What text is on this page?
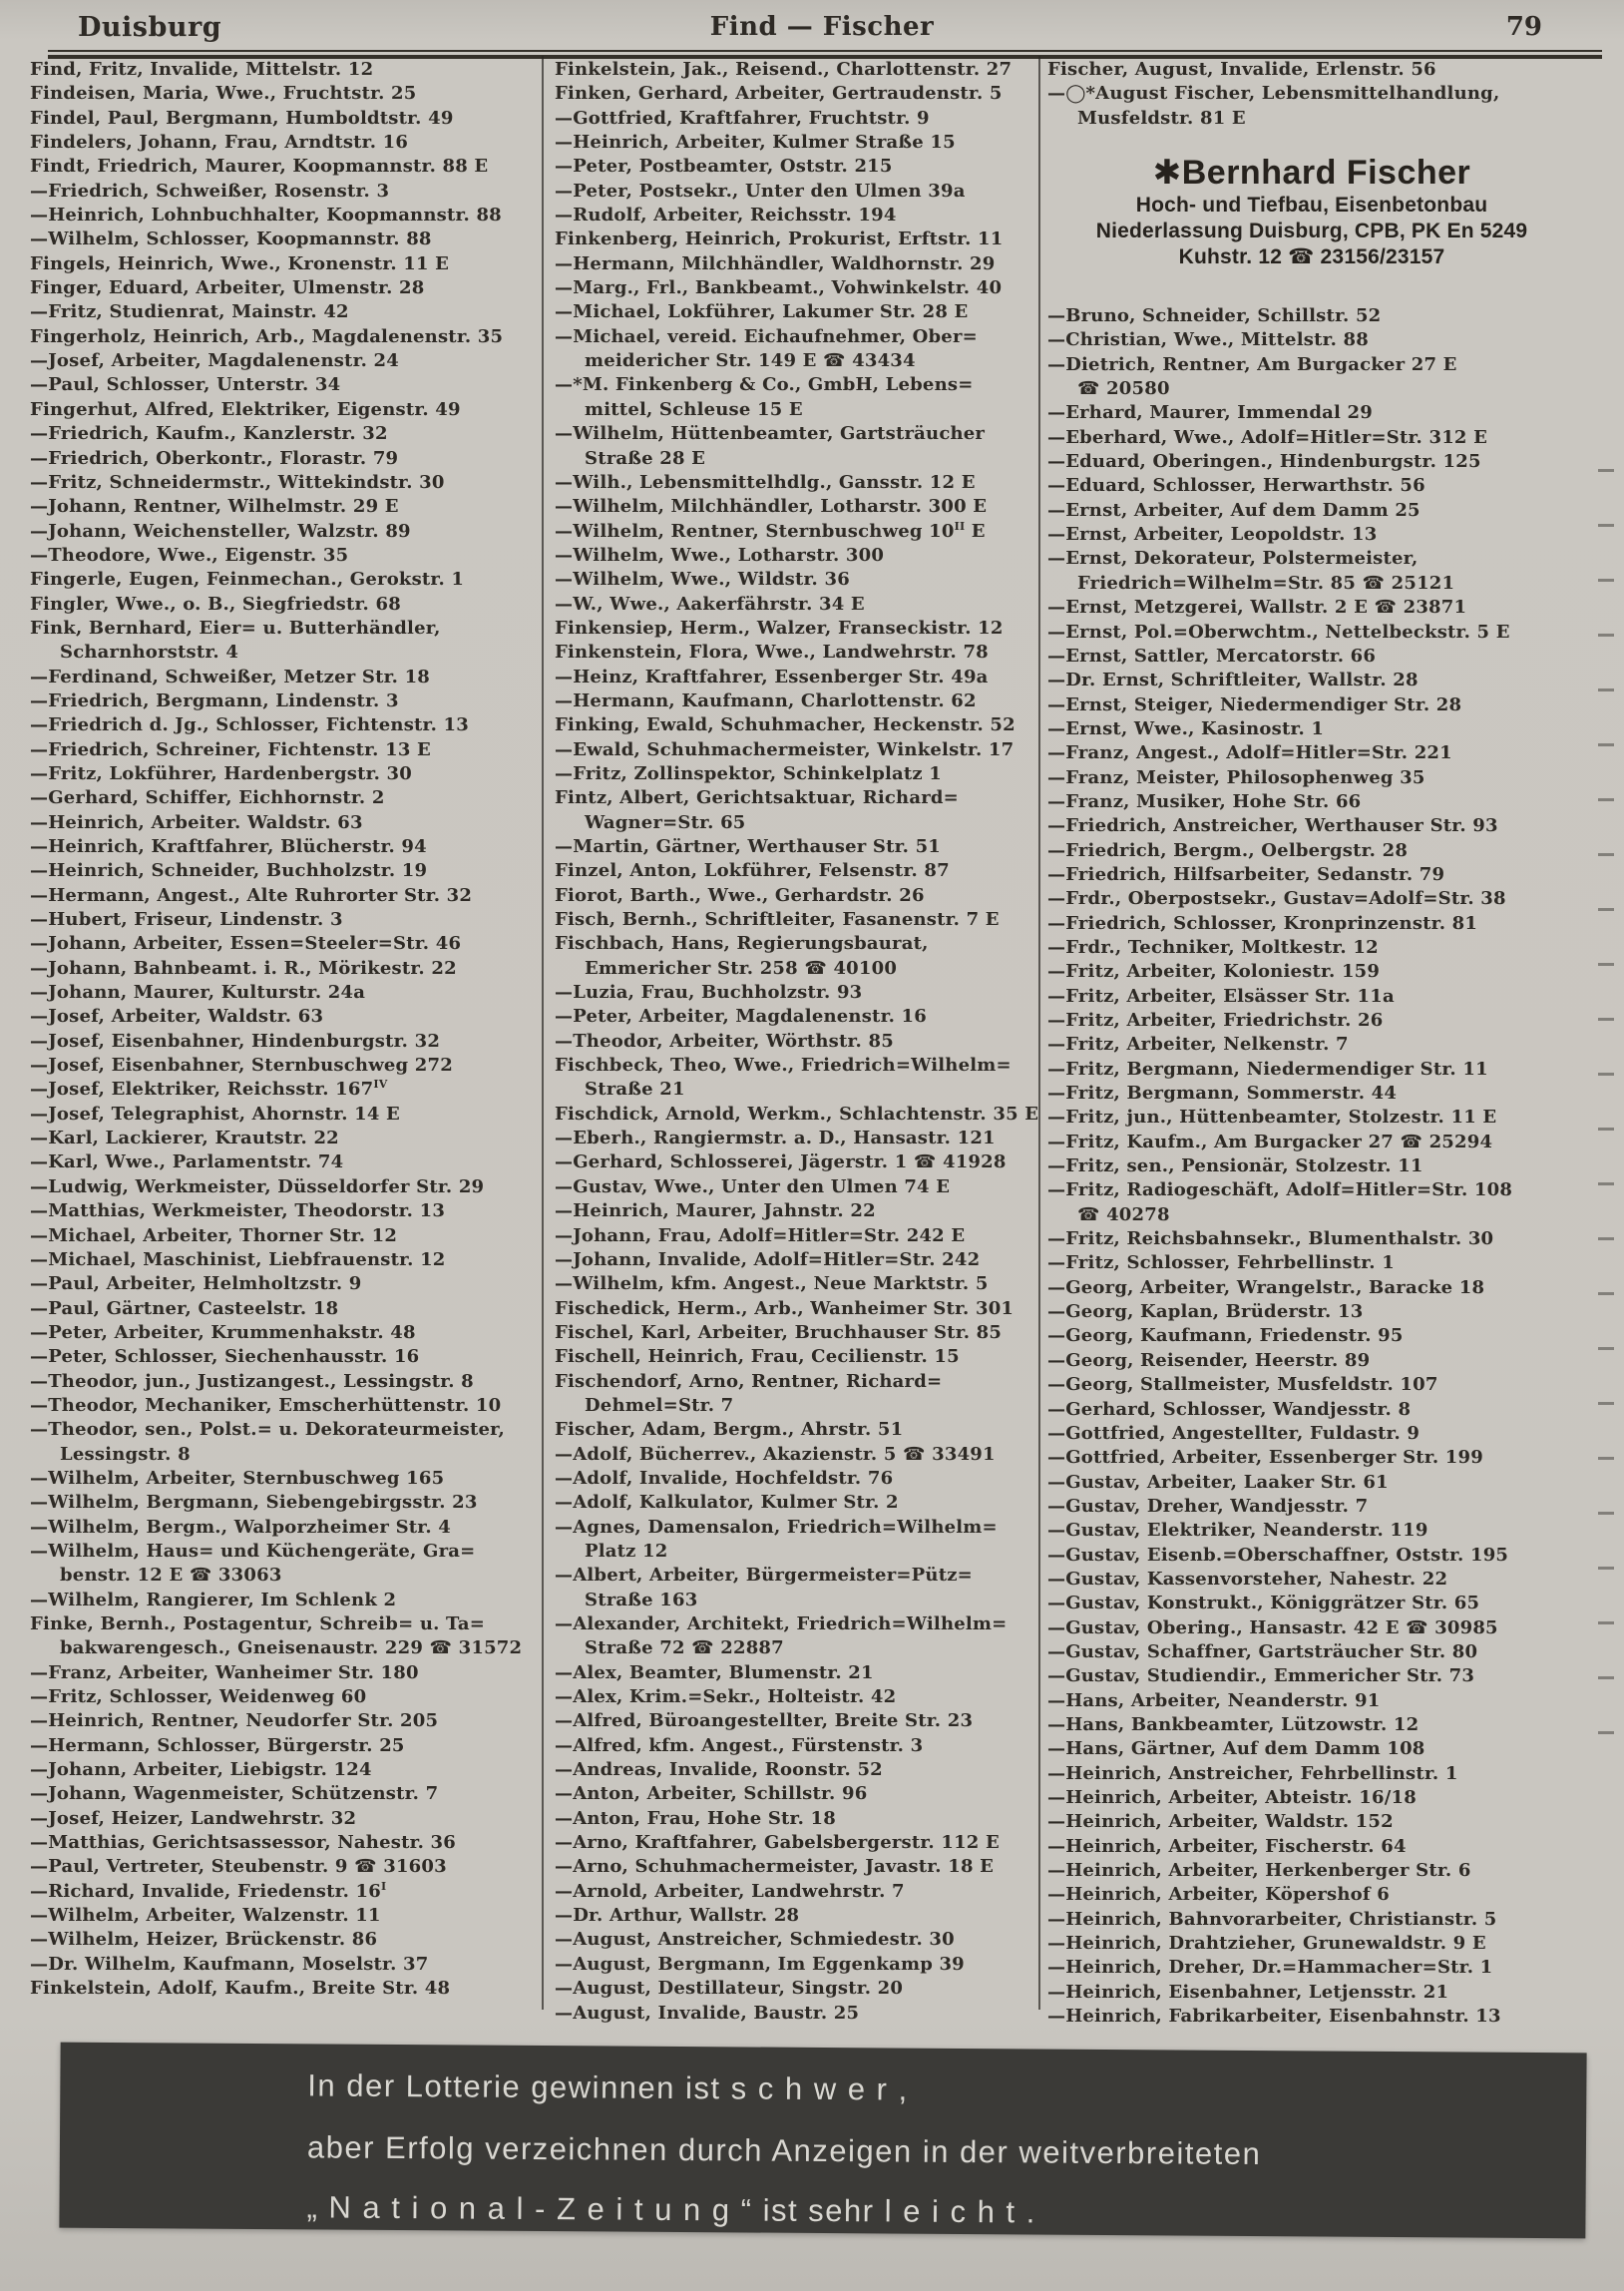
Duisburg	Find — Fischer	79
Find, Fritz, Invalide, Mittelstr. 12
Findeisen, Maria, Wwe., Fruchtstr. 25
Findel, Paul, Bergmann, Humboldtstr. 49
Findelers, Johann, Frau, Arndtstr. 16
Findt, Friedrich, Maurer, Koopmannstr. 88 E
—Friedrich, Schweißer, Rosenstr. 3
—Heinrich, Lohnbuchhalter, Koopmannstr. 88
—Wilhelm, Schlosser, Koopmannstr. 88
Fingels, Heinrich, Wwe., Kronenstr. 11 E
Finger, Eduard, Arbeiter, Ulmenstr. 28
—Fritz, Studienrat, Mainstr. 42
Fingerholz, Heinrich, Arb., Magdalenenstr. 35
—Josef, Arbeiter, Magdalenenstr. 24
—Paul, Schlosser, Unterstr. 34
Fingerhut, Alfred, Elektriker, Eigenstr. 49
—Friedrich, Kaufm., Kanzlerstr. 32
—Friedrich, Oberkontr., Florastr. 79
—Fritz, Schneidermstr., Wittekindstr. 30
—Johann, Rentner, Wilhelmstr. 29 E
—Johann, Weichensteller, Walzstr. 89
—Theodore, Wwe., Eigenstr. 35
Fingerle, Eugen, Feinmechan., Gerokstr. 1
Fingler, Wwe., o. B., Siegfriedstr. 68
Fink, Bernhard, Eier= u. Butterhändler,
Scharnhorststr. 4
—Ferdinand, Schweißer, Metzer Str. 18
—Friedrich, Bergmann, Lindenstr. 3
—Friedrich d. Jg., Schlosser, Fichtenstr. 13
—Friedrich, Schreiner, Fichtenstr. 13 E
—Fritz, Lokführer, Hardenbergstr. 30
—Gerhard, Schiffer, Eichhornstr. 2
—Heinrich, Arbeiter. Waldstr. 63
—Heinrich, Kraftfahrer, Blücherstr. 94
—Heinrich, Schneider, Buchholzstr. 19
—Hermann, Angest., Alte Ruhrorter Str. 32
—Hubert, Friseur, Lindenstr. 3
—Johann, Arbeiter, Essen=Steeler=Str. 46
—Johann, Bahnbeamt. i. R., Mörikestr. 22
—Johann, Maurer, Kulturstr. 24a
—Josef, Arbeiter, Waldstr. 63
—Josef, Eisenbahner, Hindenburgstr. 32
—Josef, Eisenbahner, Sternbuschweg 272
—Josef, Elektriker, Reichsstr. $167^{IV}$
—Josef, Telegraphist, Ahornstr. 14 E
—Karl, Lackierer, Krautstr. 22
—Karl, Wwe., Parlamentstr. 74
—Ludwig, Werkmeister, Düsseldorfer Str. 29
—Matthias, Werkmeister, Theodorstr. 13
—Michael, Arbeiter, Thorner Str. 12
—Michael, Maschinist, Liebfrauenstr. 12
—Paul, Arbeiter, Helmholtzstr. 9
—Paul, Gärtner, Casteelstr. 18
—Peter, Arbeiter, Krummenhakstr. 48
—Peter, Schlosser, Siechenhausstr. 16
—Theodor, jun., Justizangest., Lessingstr. 8
—Theodor, Mechaniker, Emscherhüttenstr. 10
—Theodor, sen., Polst.= u. Dekorateurmeister,
Lessingstr. 8
—Wilhelm, Arbeiter, Sternbuschweg 165
—Wilhelm, Bergmann, Siebengebirgsstr. 23
—Wilhelm, Bergm., Walporzheimer Str. 4
—Wilhelm, Haus= und Küchengeräte, Gra=
benstr. 12 E ☎ 33063
—Wilhelm, Rangierer, Im Schlenk 2
Finke, Bernh., Postagentur, Schreib= u. Ta=
bakwarengesch., Gneisenaustr. 229 ☎ 31572
—Franz, Arbeiter, Wanheimer Str. 180
—Fritz, Schlosser, Weidenweg 60
—Heinrich, Rentner, Neudorfer Str. 205
—Hermann, Schlosser, Bürgerstr. 25
—Johann, Arbeiter, Liebigstr. 124
—Johann, Wagenmeister, Schützenstr. 7
—Josef, Heizer, Landwehrstr. 32
—Matthias, Gerichtsassessor, Nahestr. 36
—Paul, Vertreter, Steubenstr. 9 ☎ 31603
—Richard, Invalide, Friedenstr. $16^I$
—Wilhelm, Arbeiter, Walzenstr. 11
—Wilhelm, Heizer, Brückenstr. 86
—Dr. Wilhelm, Kaufmann, Moselstr. 37
Finkelstein, Adolf, Kaufm., Breite Str. 48
Finkelstein, Jak., Reisend., Charlottenstr. 27
Finken, Gerhard, Arbeiter, Gertraudenstr. 5
—Gottfried, Kraftfahrer, Fruchtstr. 9
—Heinrich, Arbeiter, Kulmer Straße 15
—Peter, Postbeamter, Oststr. 215
—Peter, Postsekr., Unter den Ulmen 39a
—Rudolf, Arbeiter, Reichsstr. 194
Finkenberg, Heinrich, Prokurist, Erftstr. 11
—Hermann, Milchhändler, Waldhornstr. 29
—Marg., Frl., Bankbeamt., Vohwinkelstr. 40
—Michael, Lokführer, Lakumer Str. 28 E
—Michael, vereid. Eichaufnehmer, Ober=
meidericher Str. 149 E ☎ 43434
—*M. Finkenberg & Co., GmbH, Lebens=
mittel, Schleuse 15 E
—Wilhelm, Hüttenbeamter, Gartsträucher
Straße 28 E
—Wilh., Lebensmittelhdlg., Gansstr. 12 E
—Wilhelm, Milchhändler, Lotharstr. 300 E
—Wilhelm, Rentner, Sternbuschweg $10^{II}$ E
—Wilhelm, Wwe., Lotharstr. 300
—Wilhelm, Wwe., Wildstr. 36
—W., Wwe., Aakerfährstr. 34 E
Finkensiep, Herm., Walzer, Franseckistr. 12
Finkenstein, Flora, Wwe., Landwehrstr. 78
—Heinz, Kraftfahrer, Essenberger Str. 49a
—Hermann, Kaufmann, Charlottenstr. 62
Finking, Ewald, Schuhmacher, Heckenstr. 52
—Ewald, Schuhmachermeister, Winkelstr. 17
—Fritz, Zollinspektor, Schinkelplatz 1
Fintz, Albert, Gerichtsaktuar, Richard=
Wagner=Str. 65
—Martin, Gärtner, Werthauser Str. 51
Finzel, Anton, Lokführer, Felsenstr. 87
Fiorot, Barth., Wwe., Gerhardstr. 26
Fisch, Bernh., Schriftleiter, Fasanenstr. 7 E
Fischbach, Hans, Regierungsbaurat,
Emmericher Str. 258 ☎ 40100
—Luzia, Frau, Buchholzstr. 93
—Peter, Arbeiter, Magdalenenstr. 16
—Theodor, Arbeiter, Wörthstr. 85
Fischbeck, Theo, Wwe., Friedrich=Wilhelm=
Straße 21
Fischdick, Arnold, Werkm., Schlachtenstr. 35 E
—Eberh., Rangiermstr. a. D., Hansastr. 121
—Gerhard, Schlosserei, Jägerstr. 1 ☎ 41928
—Gustav, Wwe., Unter den Ulmen 74 E
—Heinrich, Maurer, Jahnstr. 22
—Johann, Frau, Adolf=Hitler=Str. 242 E
—Johann, Invalide, Adolf=Hitler=Str. 242
—Wilhelm, kfm. Angest., Neue Marktstr. 5
Fischedick, Herm., Arb., Wanheimer Str. 301
Fischel, Karl, Arbeiter, Bruchhauser Str. 85
Fischell, Heinrich, Frau, Cecilienstr. 15
Fischendorf, Arno, Rentner, Richard=
Dehmel=Str. 7
Fischer, Adam, Bergm., Ahrstr. 51
—Adolf, Bücherrev., Akazienstr. 5 ☎ 33491
—Adolf, Invalide, Hochfeldstr. 76
—Adolf, Kalkulator, Kulmer Str. 2
—Agnes, Damensalon, Friedrich=Wilhelm=
Platz 12
—Albert, Arbeiter, Bürgermeister=Pütz=
Straße 163
—Alexander, Architekt, Friedrich=Wilhelm=
Straße 72 ☎ 22887
—Alex, Beamter, Blumenstr. 21
—Alex, Krim.=Sekr., Holteistr. 42
—Alfred, Büroangestellter, Breite Str. 23
—Alfred, kfm. Angest., Fürstenstr. 3
—Andreas, Invalide, Roonstr. 52
—Anton, Arbeiter, Schillstr. 96
—Anton, Frau, Hohe Str. 18
—Arno, Kraftfahrer, Gabelsbergerstr. 112 E
—Arno, Schuhmachermeister, Javastr. 18 E
—Arnold, Arbeiter, Landwehrstr. 7
—Dr. Arthur, Wallstr. 28
—August, Anstreicher, Schmiedestr. 30
—August, Bergmann, Im Eggenkamp 39
—August, Destillateur, Singstr. 20
—August, Invalide, Baustr. 25
Fischer, August, Invalide, Erlenstr. 56
—◯*August Fischer, Lebensmittelhandlung,
Musfeldstr. 81 E
✱Bernhard Fischer
Hoch- und Tiefbau, Eisenbetonbau
Niederlassung Duisburg, CPB, PK En 5249
Kuhstr. 12 ☎ 23156/23157
—Bruno, Schneider, Schillstr. 52
—Christian, Wwe., Mittelstr. 88
—Dietrich, Rentner, Am Burgacker 27 E
☎ 20580
—Erhard, Maurer, Immendal 29
—Eberhard, Wwe., Adolf=Hitler=Str. 312 E
—Eduard, Oberingen., Hindenburgstr. 125
—Eduard, Schlosser, Herwarthstr. 56
—Ernst, Arbeiter, Auf dem Damm 25
—Ernst, Arbeiter, Leopoldstr. 13
—Ernst, Dekorateur, Polstermeister,
Friedrich=Wilhelm=Str. 85 ☎ 25121
—Ernst, Metzgerei, Wallstr. 2 E ☎ 23871
—Ernst, Pol.=Oberwchtm., Nettelbeckstr. 5 E
—Ernst, Sattler, Mercatorstr. 66
—Dr. Ernst, Schriftleiter, Wallstr. 28
—Ernst, Steiger, Niedermendiger Str. 28
—Ernst, Wwe., Kasinostr. 1
—Franz, Angest., Adolf=Hitler=Str. 221
—Franz, Meister, Philosophenweg 35
—Franz, Musiker, Hohe Str. 66
—Friedrich, Anstreicher, Werthauser Str. 93
—Friedrich, Bergm., Oelbergstr. 28
—Friedrich, Hilfsarbeiter, Sedanstr. 79
—Frdr., Oberpostsekr., Gustav=Adolf=Str. 38
—Friedrich, Schlosser, Kronprinzenstr. 81
—Frdr., Techniker, Moltkestr. 12
—Fritz, Arbeiter, Koloniestr. 159
—Fritz, Arbeiter, Elsässer Str. 11a
—Fritz, Arbeiter, Friedrichstr. 26
—Fritz, Arbeiter, Nelkenstr. 7
—Fritz, Bergmann, Niedermendiger Str. 11
—Fritz, Bergmann, Sommerstr. 44
—Fritz, jun., Hüttenbeamter, Stolzestr. 11 E
—Fritz, Kaufm., Am Burgacker 27 ☎ 25294
—Fritz, sen., Pensionär, Stolzestr. 11
—Fritz, Radiogeschäft, Adolf=Hitler=Str. 108
☎ 40278
—Fritz, Reichsbahnsekr., Blumenthalstr. 30
—Fritz, Schlosser, Fehrbellinstr. 1
—Georg, Arbeiter, Wrangelstr., Baracke 18
—Georg, Kaplan, Brüderstr. 13
—Georg, Kaufmann, Friedenstr. 95
—Georg, Reisender, Heerstr. 89
—Georg, Stallmeister, Musfeldstr. 107
—Gerhard, Schlosser, Wandjesstr. 8
—Gottfried, Angestellter, Fuldastr. 9
—Gottfried, Arbeiter, Essenberger Str. 199
—Gustav, Arbeiter, Laaker Str. 61
—Gustav, Dreher, Wandjesstr. 7
—Gustav, Elektriker, Neanderstr. 119
—Gustav, Eisenb.=Oberschaffner, Oststr. 195
—Gustav, Kassenvorsteher, Nahestr. 22
—Gustav, Konstrukt., Königgrätzer Str. 65
—Gustav, Obering., Hansastr. 42 E ☎ 30985
—Gustav, Schaffner, Gartsträucher Str. 80
—Gustav, Studiendir., Emmericher Str. 73
—Hans, Arbeiter, Neanderstr. 91
—Hans, Bankbeamter, Lützowstr. 12
—Hans, Gärtner, Auf dem Damm 108
—Heinrich, Anstreicher, Fehrbellinstr. 1
—Heinrich, Arbeiter, Abteistr. 16/18
—Heinrich, Arbeiter, Waldstr. 152
—Heinrich, Arbeiter, Fischerstr. 64
—Heinrich, Arbeiter, Herkenberger Str. 6
—Heinrich, Arbeiter, Köpershof 6
—Heinrich, Bahnvorarbeiter, Christianstr. 5
—Heinrich, Drahtzieher, Grunewaldstr. 9 E
—Heinrich, Dreher, Dr.=Hammacher=Str. 1
—Heinrich, Eisenbahner, Letjensstr. 21
—Heinrich, Fabrikarbeiter, Eisenbahnstr. 13
In der Lotterie gewinnen ist s c h w e r ,
aber Erfolg verzeichnen durch Anzeigen in der weitverbreiteten
„ N a t i o n a l - Z e i t u n g “ ist sehr l e i c h t .
